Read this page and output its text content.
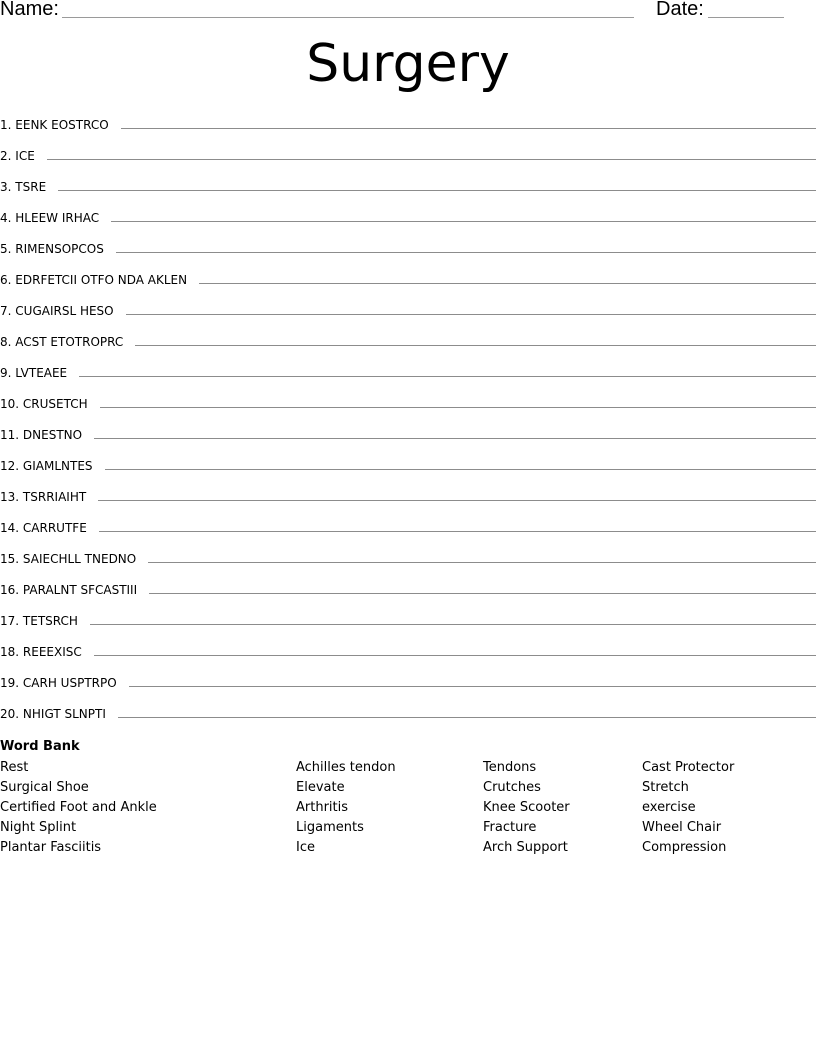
Name:	Date:
Surgery
1.
EENK EOSTRCO
2.
ICE
3.
TSRE
4.
HLEEW IRHAC
5.
RIMENSOPCOS
6.
EDRFETCII OTFO NDA AKLEN
7.
CUGAIRSL HESO
8.
ACST ETOTROPRC
9.
LVTEAEE
10.
CRUSETCH
11.
DNESTNO
12.
GIAMLNTES
13.
TSRRIAIHT
14.
CARRUTFE
15.
SAIECHLL TNEDNO
16.
PARALNT SFCASTIII
17.
TETSRCH
18.
REEEXISC
19.
CARH USPTRPO
20.
NHIGT SLNPTI
Word Bank
Rest	Achilles tendon	Tendons	Cast Protector
Surgical Shoe	Elevate	Crutches	Stretch
Certified Foot and Ankle	Arthritis	Knee Scooter	exercise
Night Splint	Ligaments	Fracture	Wheel Chair
Plantar Fasciitis	Ice	Arch Support	Compression
